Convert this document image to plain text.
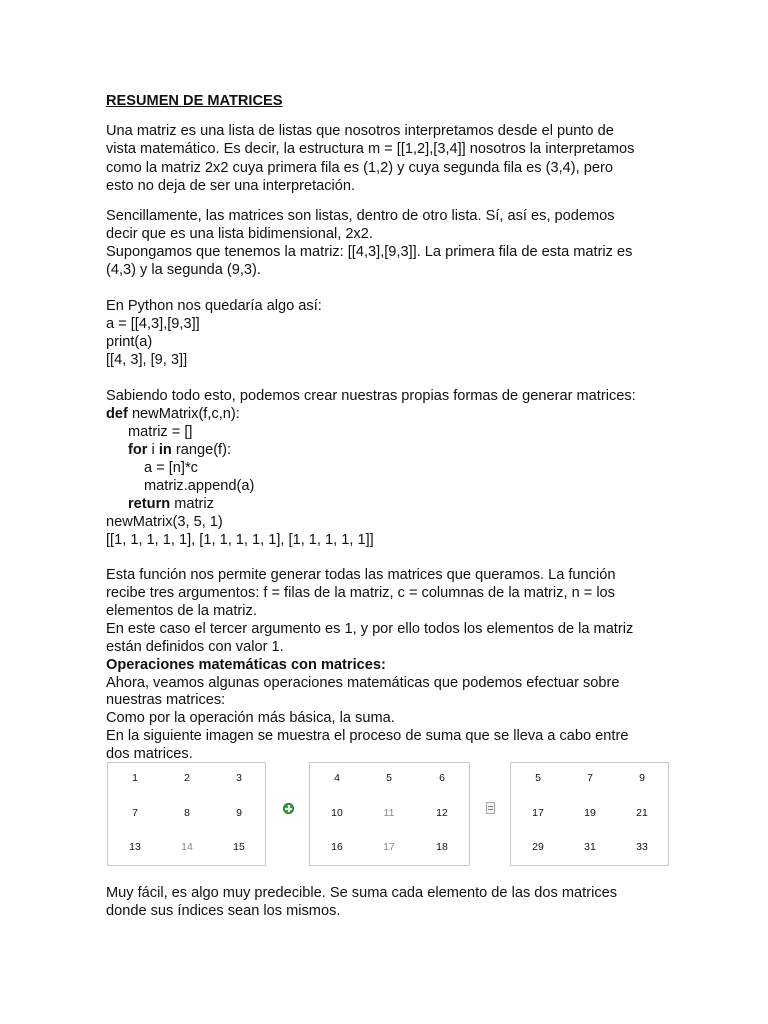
RESUMEN DE MATRICES
Una matriz es una lista de listas que nosotros interpretamos desde el punto de
vista matemático. Es decir, la estructura m = [[1,2],[3,4]] nosotros la interpretamos
como la matriz 2x2 cuya primera fila es (1,2) y cuya segunda fila es (3,4), pero
esto no deja de ser una interpretación.
Sencillamente, las matrices son listas, dentro de otro lista. Sí, así es, podemos
decir que es una lista bidimensional, 2x2.
Supongamos que tenemos la matriz: [[4,3],[9,3]]. La primera fila de esta matriz es
(4,3) y la segunda (9,3).
En Python nos quedaría algo así:
a = [[4,3],[9,3]]
print(a)
[[4, 3], [9, 3]]
Sabiendo todo esto, podemos crear nuestras propias formas de generar matrices:
def newMatrix(f,c,n):
matriz = []
for i in range(f):
a = [n]*c
matriz.append(a)
return matriz
newMatrix(3, 5, 1)
[[1, 1, 1, 1, 1], [1, 1, 1, 1, 1], [1, 1, 1, 1, 1]]
Esta función nos permite generar todas las matrices que queramos. La función
recibe tres argumentos: f = filas de la matriz, c = columnas de la matriz, n = los
elementos de la matriz.
En este caso el tercer argumento es 1, y por ello todos los elementos de la matriz
están definidos con valor 1.
Operaciones matemáticas con matrices:
Ahora, veamos algunas operaciones matemáticas que podemos efectuar sobre
nuestras matrices:
Como por la operación más básica, la suma.
En la siguiente imagen se muestra el proceso de suma que se lleva a cabo entre
dos matrices.
Muy fácil, es algo muy predecible. Se suma cada elemento de las dos matrices
donde sus índices sean los mismos.
1	2	3
7	8	9
13	14	15
4	5	6
10	11	12
16	17	18
5	7	9
17	19	21
29	31	33
